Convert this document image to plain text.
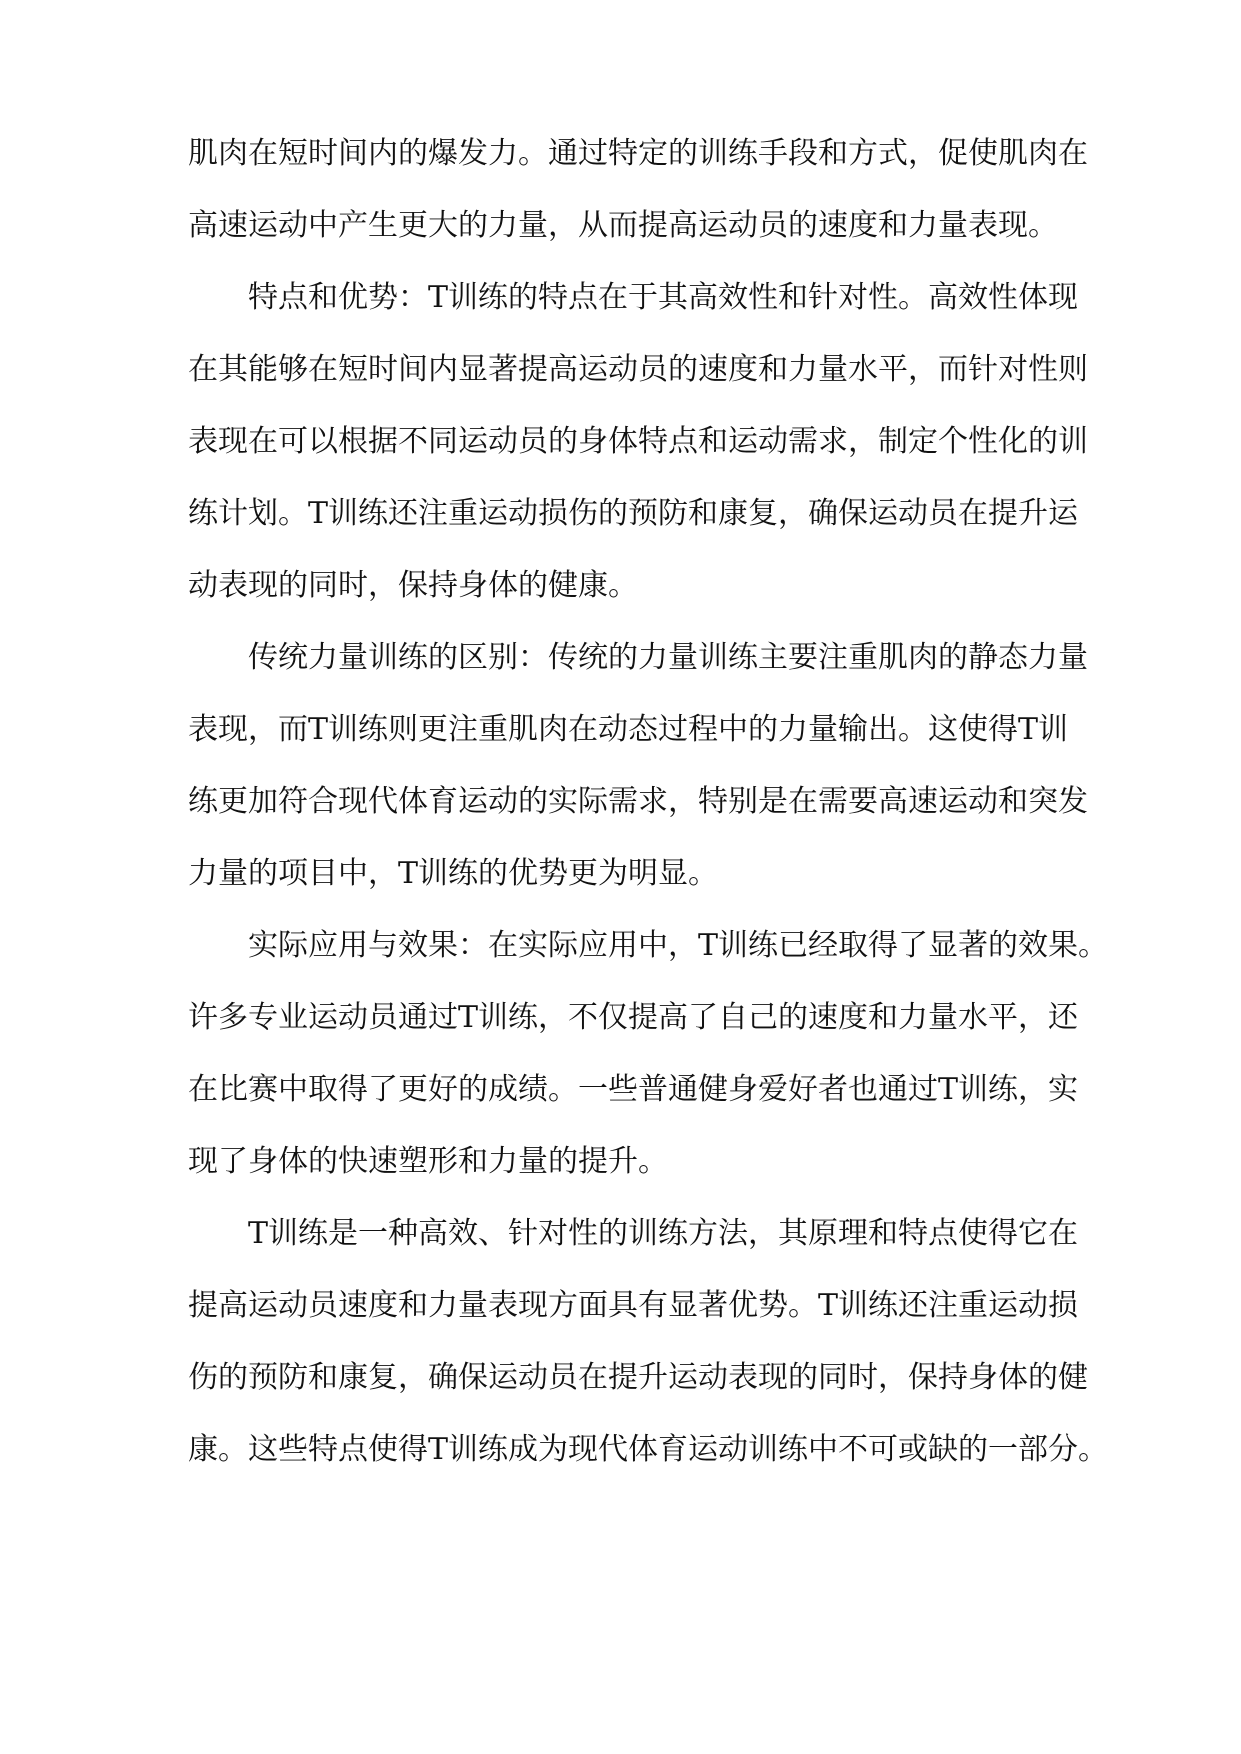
肌肉在短时间内的爆发力。通过特定的训练手段和方式，促使肌肉在
高速运动中产生更大的力量，从而提高运动员的速度和力量表现。
特点和优势：T训练的特点在于其高效性和针对性。高效性体现
在其能够在短时间内显著提高运动员的速度和力量水平，而针对性则
表现在可以根据不同运动员的身体特点和运动需求，制定个性化的训
练计划。T训练还注重运动损伤的预防和康复，确保运动员在提升运
动表现的同时，保持身体的健康。
传统力量训练的区别：传统的力量训练主要注重肌肉的静态力量
表现，而T训练则更注重肌肉在动态过程中的力量输出。这使得T训
练更加符合现代体育运动的实际需求，特别是在需要高速运动和突发
力量的项目中，T训练的优势更为明显。
实际应用与效果：在实际应用中，T训练已经取得了显著的效果。
许多专业运动员通过T训练，不仅提高了自己的速度和力量水平，还
在比赛中取得了更好的成绩。一些普通健身爱好者也通过T训练，实
现了身体的快速塑形和力量的提升。
T训练是一种高效、针对性的训练方法，其原理和特点使得它在
提高运动员速度和力量表现方面具有显著优势。T训练还注重运动损
伤的预防和康复，确保运动员在提升运动表现的同时，保持身体的健
康。这些特点使得T训练成为现代体育运动训练中不可或缺的一部分。
